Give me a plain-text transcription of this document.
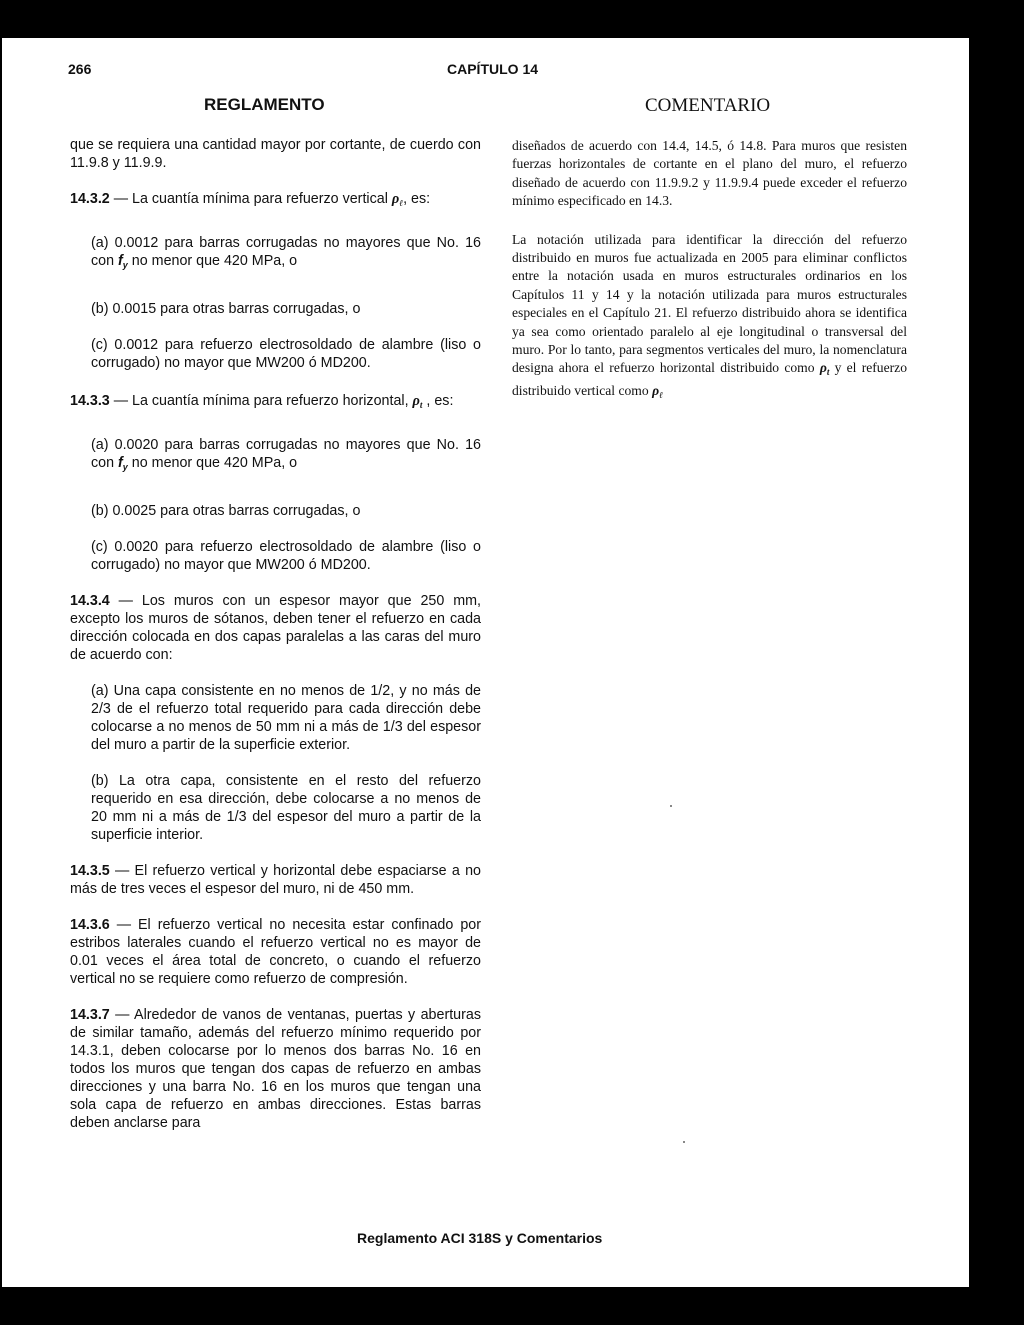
266	CAPÍTULO 14
REGLAMENTO	COMENTARIO

que se requiera una cantidad mayor por cortante, de cuerdo con 11.9.8 y 11.9.9.

14.3.2 — La cuantía mínima para refuerzo vertical $\rho_\ell$, es:

(a) 0.0012 para barras corrugadas no mayores que No. 16 con $f_y$ no menor que 420 MPa, o

(b) 0.0015 para otras barras corrugadas, o

(c) 0.0012 para refuerzo electrosoldado de alambre (liso o corrugado) no mayor que MW200 ó MD200.

14.3.3 — La cuantía mínima para refuerzo horizontal, $\rho_t$ , es:

(a) 0.0020 para barras corrugadas no mayores que No. 16 con $f_y$ no menor que 420 MPa, o

(b) 0.0025 para otras barras corrugadas, o

(c) 0.0020 para refuerzo electrosoldado de alambre (liso o corrugado) no mayor que MW200 ó MD200.

14.3.4 — Los muros con un espesor mayor que 250 mm, excepto los muros de sótanos, deben tener el refuerzo en cada dirección colocada en dos capas paralelas a las caras del muro de acuerdo con:

(a) Una capa consistente en no menos de 1/2, y no más de 2/3 de el refuerzo total requerido para cada dirección debe colocarse a no menos de 50 mm ni a más de 1/3 del espesor del muro a partir de la superficie exterior.

(b) La otra capa, consistente en el resto del refuerzo requerido en esa dirección, debe colocarse a no menos de 20 mm ni a más de 1/3 del espesor del muro a partir de la superficie interior.

14.3.5 — El refuerzo vertical y horizontal debe espaciarse a no más de tres veces el espesor del muro, ni de 450 mm.

14.3.6 — El refuerzo vertical no necesita estar confinado por estribos laterales cuando el refuerzo vertical no es mayor de 0.01 veces el área total de concreto, o cuando el refuerzo vertical no se requiere como refuerzo de compresión.

14.3.7 — Alrededor de vanos de ventanas, puertas y aberturas de similar tamaño, además del refuerzo mínimo requerido por 14.3.1, deben colocarse por lo menos dos barras No. 16 en todos los muros que tengan dos capas de refuerzo en ambas direcciones y una barra No. 16 en los muros que tengan una sola capa de refuerzo en ambas direcciones. Estas barras deben anclarse para

diseñados de acuerdo con 14.4, 14.5, ó 14.8. Para muros que resisten fuerzas horizontales de cortante en el plano del muro, el refuerzo diseñado de acuerdo con 11.9.9.2 y 11.9.9.4 puede exceder el refuerzo mínimo especificado en 14.3.

La notación utilizada para identificar la dirección del refuerzo distribuido en muros fue actualizada en 2005 para eliminar conflictos entre la notación usada en muros estructurales ordinarios en los Capítulos 11 y 14 y la notación utilizada para muros estructurales especiales en el Capítulo 21. El refuerzo distribuido ahora se identifica ya sea como orientado paralelo al eje longitudinal o transversal del muro. Por lo tanto, para segmentos verticales del muro, la nomenclatura designa ahora el refuerzo horizontal distribuido como $\rho_t$ y el refuerzo distribuido vertical como $\rho_\ell$

Reglamento ACI 318S y Comentarios
